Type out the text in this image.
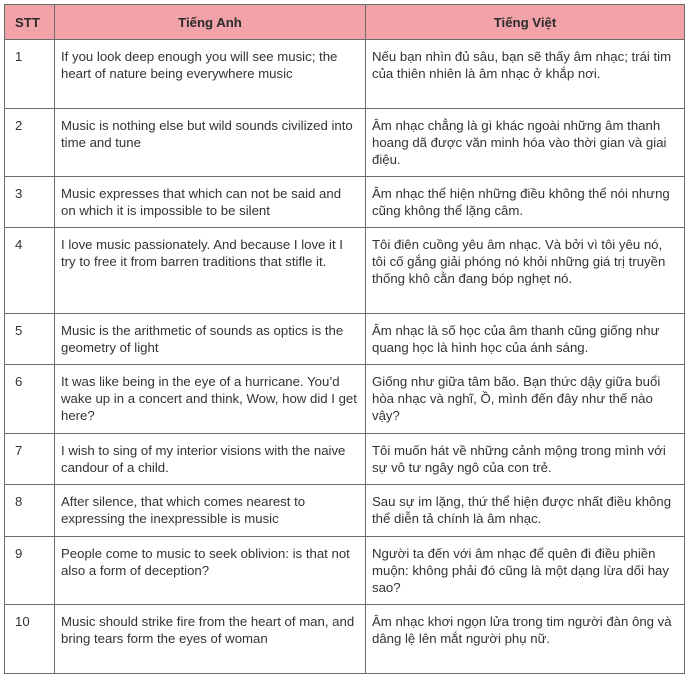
STT	Tiếng Anh	Tiếng Việt
1	If you look deep enough you will see music; the heart of nature being everywhere music	Nếu bạn nhìn đủ sâu, bạn sẽ thấy âm nhạc; trái tim của thiên nhiên là âm nhạc ở khắp nơi.
2	Music is nothing else but wild sounds civilized into time and tune	Âm nhạc chẳng là gì khác ngoài những âm thanh hoang dã được văn minh hóa vào thời gian và giai điệu.
3	Music expresses that which can not be said and on which it is impossible to be silent	Âm nhạc thể hiện những điều không thể nói nhưng cũng không thể lặng câm.
4	I love music passionately. And because I love it I try to free it from barren traditions that stifle it.	Tôi điên cuồng yêu âm nhạc. Và bởi vì tôi yêu nó, tôi cố gắng giải phóng nó khỏi những giá trị truyền thống khô cằn đang bóp nghẹt nó.
5	Music is the arithmetic of sounds as optics is the geometry of light	Âm nhạc là số học của âm thanh cũng giống như quang học là hình học của ánh sáng.
6	It was like being in the eye of a hurricane. You’d wake up in a concert and think, Wow, how did I get here?	Giống như giữa tâm bão. Bạn thức dậy giữa buổi hòa nhạc và nghĩ, Ồ, mình đến đây như thế nào vậy?
7	I wish to sing of my interior visions with the naive candour of a child.	Tôi muốn hát về những cảnh mộng trong mình với sự vô tư ngây ngô của con trẻ.
8	After silence, that which comes nearest to expressing the inexpressible is music	Sau sự im lặng, thứ thể hiện được nhất điều không thể diễn tả chính là âm nhạc.
9	People come to music to seek oblivion: is that not also a form of deception?	Người ta đến với âm nhạc để quên đi điều phiền muộn: không phải đó cũng là một dạng lừa dối hay sao?
10	Music should strike fire from the heart of man, and bring tears form the eyes of woman	Âm nhạc khơi ngọn lửa trong tim người đàn ông và dâng lệ lên mắt người phụ nữ.
